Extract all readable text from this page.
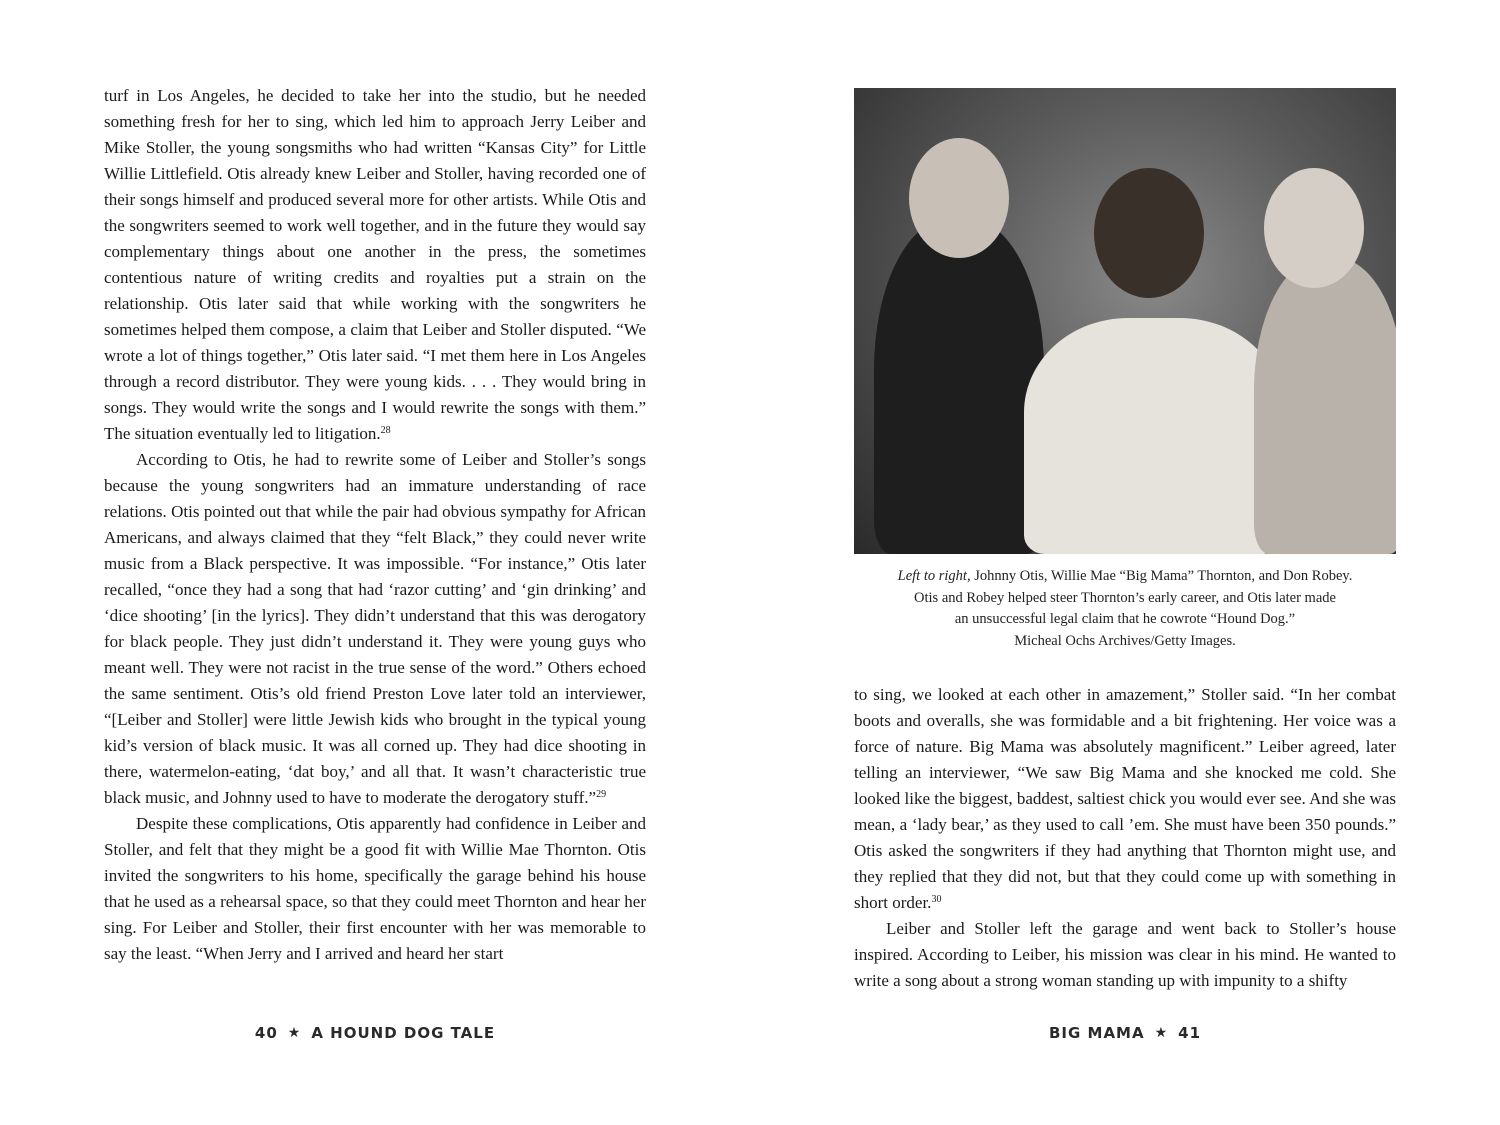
turf in Los Angeles, he decided to take her into the studio, but he needed something fresh for her to sing, which led him to approach Jerry Leiber and Mike Stoller, the young songsmiths who had written “Kansas City” for Little Willie Littlefield. Otis already knew Leiber and Stoller, having recorded one of their songs himself and produced several more for other artists. While Otis and the songwriters seemed to work well together, and in the future they would say complementary things about one another in the press, the sometimes contentious nature of writing credits and royalties put a strain on the relationship. Otis later said that while working with the songwriters he sometimes helped them compose, a claim that Leiber and Stoller disputed. “We wrote a lot of things together,” Otis later said. “I met them here in Los Angeles through a record distributor. They were young kids. . . . They would bring in songs. They would write the songs and I would rewrite the songs with them.” The situation eventually led to litigation.$^{28}$

According to Otis, he had to rewrite some of Leiber and Stoller’s songs because the young songwriters had an immature understanding of race relations. Otis pointed out that while the pair had obvious sympathy for African Americans, and always claimed that they “felt Black,” they could never write music from a Black perspective. It was impossible. “For instance,” Otis later recalled, “once they had a song that had ‘razor cutting’ and ‘gin drinking’ and ‘dice shooting’ [in the lyrics]. They didn’t understand that this was derogatory for black people. They just didn’t understand it. They were young guys who meant well. They were not racist in the true sense of the word.” Others echoed the same sentiment. Otis’s old friend Preston Love later told an interviewer, “[Leiber and Stoller] were little Jewish kids who brought in the typical young kid’s version of black music. It was all corned up. They had dice shooting in there, watermelon-eating, ‘dat boy,’ and all that. It wasn’t characteristic true black music, and Johnny used to have to moderate the derogatory stuff.”$^{29}$

Despite these complications, Otis apparently had confidence in Leiber and Stoller, and felt that they might be a good fit with Willie Mae Thornton. Otis invited the songwriters to his home, specifically the garage behind his house that he used as a rehearsal space, so that they could meet Thornton and hear her sing. For Leiber and Stoller, their first encounter with her was memorable to say the least. “When Jerry and I arrived and heard her start

40 ★ A HOUND DOG TALE
Left to right, Johnny Otis, Willie Mae “Big Mama” Thornton, and Don Robey.
Otis and Robey helped steer Thornton’s early career, and Otis later made
an unsuccessful legal claim that he cowrote “Hound Dog.”
Micheal Ochs Archives/Getty Images.

to sing, we looked at each other in amazement,” Stoller said. “In her combat boots and overalls, she was formidable and a bit frightening. Her voice was a force of nature. Big Mama was absolutely magnificent.” Leiber agreed, later telling an interviewer, “We saw Big Mama and she knocked me cold. She looked like the biggest, baddest, saltiest chick you would ever see. And she was mean, a ‘lady bear,’ as they used to call ’em. She must have been 350 pounds.” Otis asked the songwriters if they had anything that Thornton might use, and they replied that they did not, but that they could come up with something in short order.$^{30}$

Leiber and Stoller left the garage and went back to Stoller’s house inspired. According to Leiber, his mission was clear in his mind. He wanted to write a song about a strong woman standing up with impunity to a shifty

BIG MAMA ★ 41
